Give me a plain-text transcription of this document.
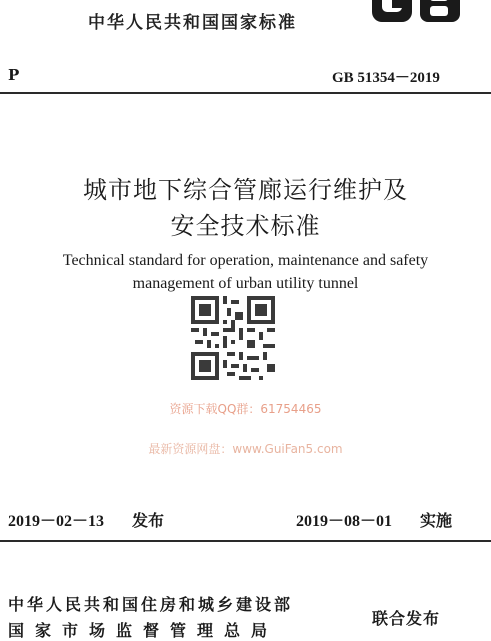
中华人民共和国国家标准
P	GB 51354－2019
城市地下综合管廊运行维护及
安全技术标准
Technical standard for operation, maintenance and safety
management of urban utility tunnel
资源下载QQ群：61754465
最新资源网盘：www.GuiFan5.com
2019－02－13 发布	2019－08－01 实施
中华人民共和国住房和城乡建设部
国家市场监督管理总局
联合发布
